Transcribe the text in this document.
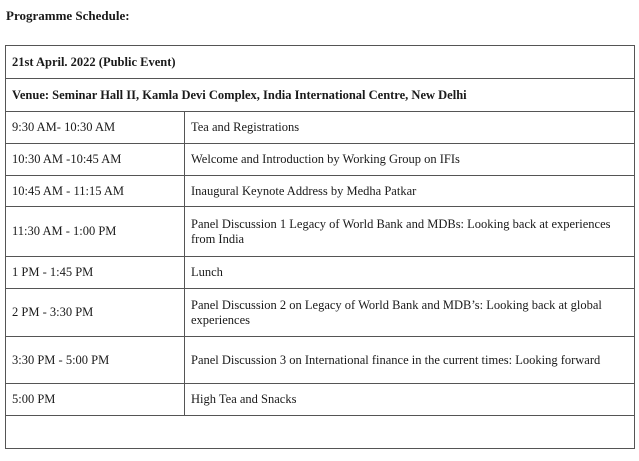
Programme Schedule:

21st April. 2022 (Public Event)	
Venue: Seminar Hall II, Kamla Devi Complex, India International Centre, New Delhi	
9:30 AM- 10:30 AM	Tea and Registrations
10:30 AM -10:45 AM	Welcome and Introduction by Working Group on IFIs
10:45 AM - 11:15 AM	Inaugural Keynote Address by Medha Patkar
11:30 AM - 1:00 PM	Panel Discussion 1 Legacy of World Bank and MDBs: Looking back at experiences from India
1 PM - 1:45 PM	Lunch
2 PM - 3:30 PM	Panel Discussion 2 on Legacy of World Bank and MDB’s: Looking back at global experiences
3:30 PM - 5:00 PM	Panel Discussion 3 on International finance in the current times: Looking forward
5:00 PM	High Tea and Snacks
